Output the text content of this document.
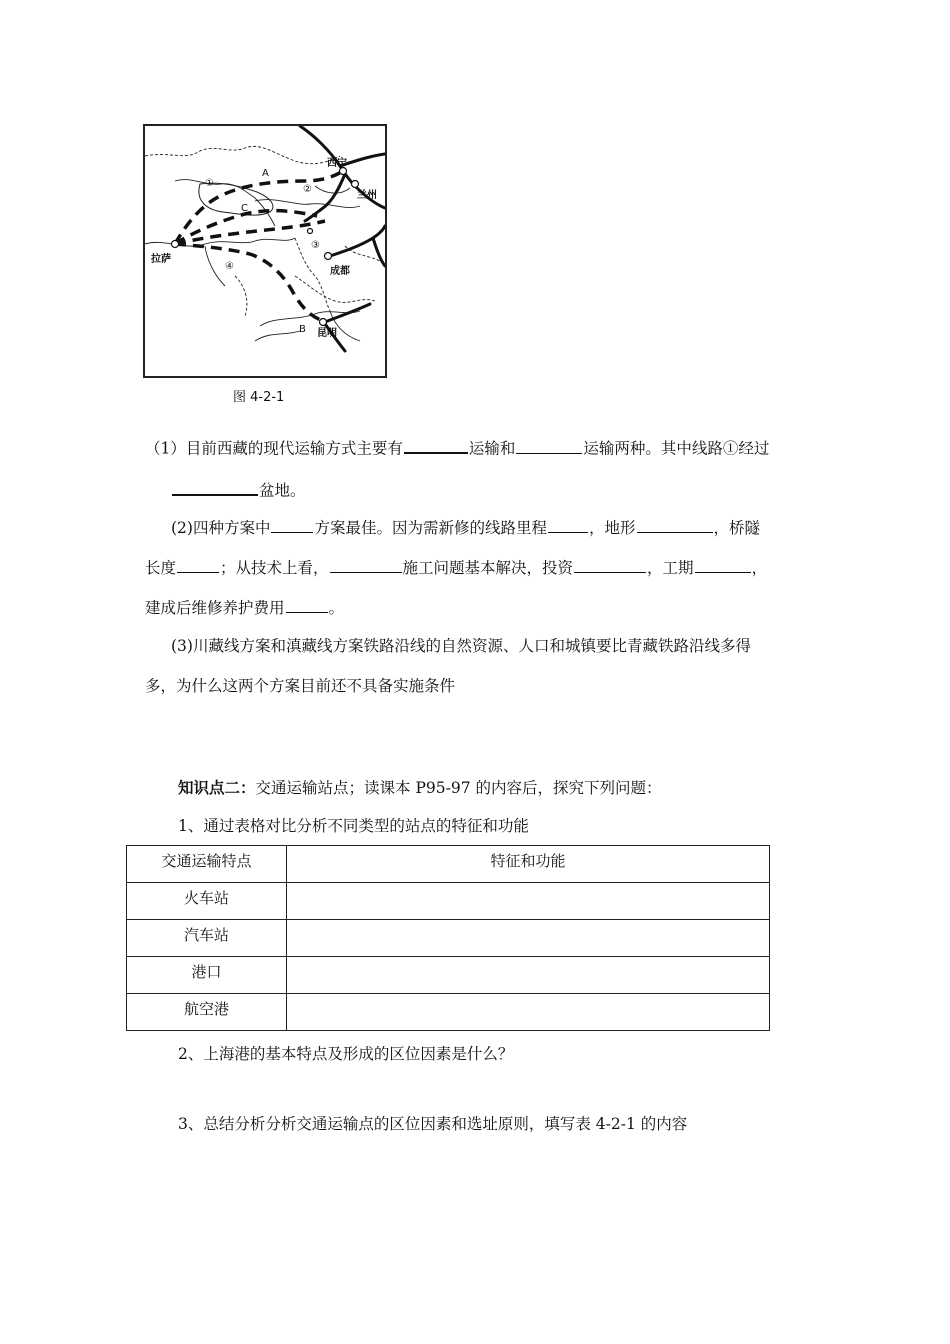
西宁
兰州
成都
拉萨
昆明
A
B
C
①
②
③
④
图 4-2-1
（1）目前西藏的现代运输方式主要有	运输和	运输两种。其中线路①经过
盆地。
(2)四种方案中	方案最佳。因为需新修的线路里程	，地形	，桥隧
长度	；从技术上看，	施工问题基本解决，投资	，工期	，
建成后维修养护费用	。
(3)川藏线方案和滇藏线方案铁路沿线的自然资源、人口和城镇要比青藏铁路沿线多得
多，为什么这两个方案目前还不具备实施条件
知识点二：交通运输站点；读课本 P95-97 的内容后，探究下列问题：
1、通过表格对比分析不同类型的站点的特征和功能
交通运输特点	特征和功能
火车站	
汽车站	
港口	
航空港	
2、上海港的基本特点及形成的区位因素是什么？
3、总结分析分析交通运输点的区位因素和选址原则，填写表 4-2-1 的内容
